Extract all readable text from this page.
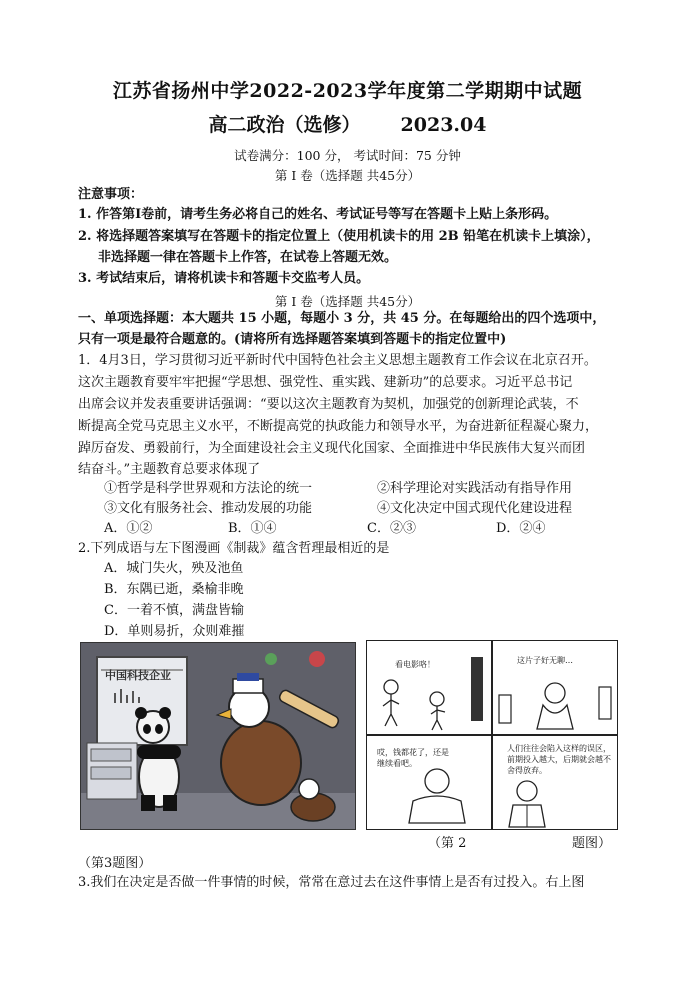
江苏省扬州中学2022-2023学年度第二学期期中试题
高二政治（选修） 2023.04
试卷满分：100 分， 考试时间：75 分钟
第 Ⅰ 卷（选择题 共45分）
注意事项：
1. 作答第Ⅰ卷前，请考生务必将自己的姓名、考试证号等写在答题卡上贴上条形码。
2. 将选择题答案填写在答题卡的指定位置上（使用机读卡的用 2B 铅笔在机读卡上填涂），
非选择题一律在答题卡上作答，在试卷上答题无效。
3. 考试结束后，请将机读卡和答题卡交监考人员。
第 Ⅰ 卷（选择题 共45分）
一、单项选择题：本大题共 15 小题，每题小 3 分，共 45 分。在每题给出的四个选项中，
只有一项是最符合题意的。(请将所有选择题答案填到答题卡的指定位置中)
1．4月3日，学习贯彻习近平新时代中国特色社会主义思想主题教育工作会议在北京召开。
这次主题教育要牢牢把握“学思想、强党性、重实践、建新功”的总要求。习近平总书记
出席会议并发表重要讲话强调：“要以这次主题教育为契机，加强党的创新理论武装，不
断提高全党马克思主义水平，不断提高党的执政能力和领导水平，为奋进新征程凝心聚力，
踔厉奋发、勇毅前行，为全面建设社会主义现代化国家、全面推进中华民族伟大复兴而团
结奋斗。”主题教育总要求体现了
①哲学是科学世界观和方法论的统一	②科学理论对实践活动有指导作用
③文化有服务社会、推动发展的功能	④文化决定中国式现代化建设进程
A．①②	B．①④	C．②③	D．②④
2.下列成语与左下图漫画《制裁》蕴含哲理最相近的是
A．城门失火，殃及池鱼
B．东隅已逝，桑榆非晚
C．一着不慎，满盘皆输
D．单则易折，众则难摧
中国科技企业
看电影咯！	这片子好无聊…
哎，钱都花了，还是继续看吧。
人们往往会陷入这样的误区，前期投入越大，后期就会越不舍得放弃。
（第 2	题图）
（第3题图）
3.我们在决定是否做一件事情的时候，常常在意过去在这件事情上是否有过投入。右上图
